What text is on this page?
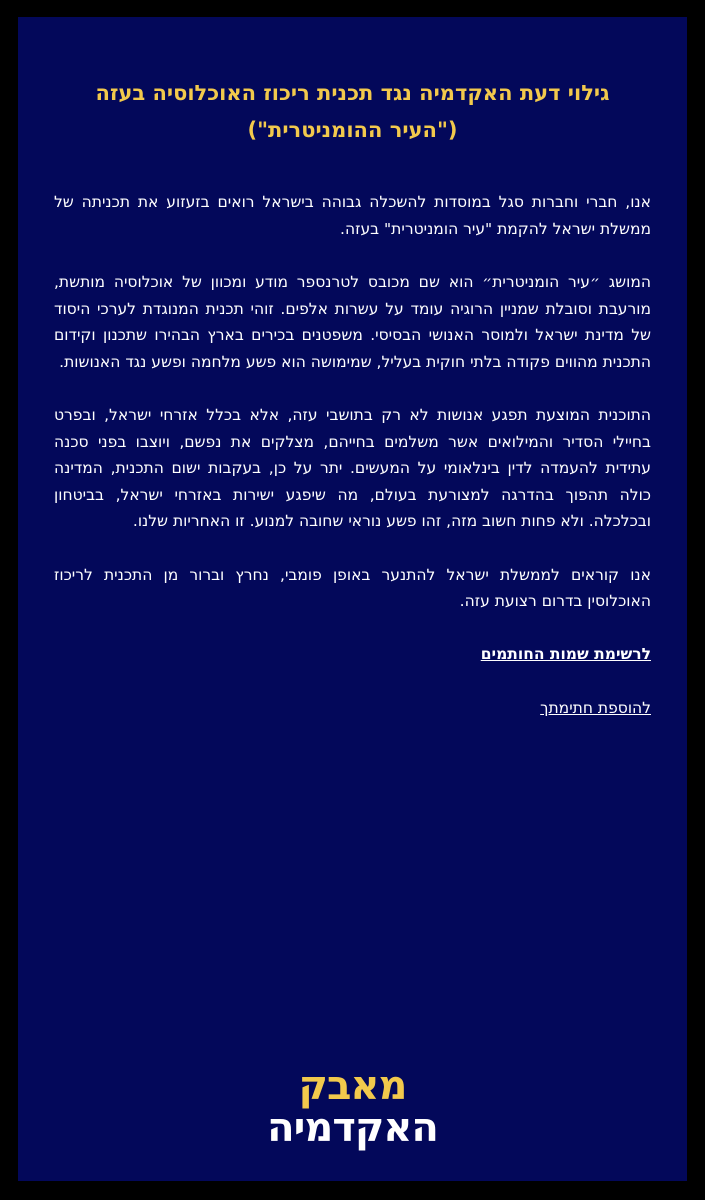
גילוי דעת האקדמיה נגד תכנית ריכוז האוכלוסיה בעזה
("העיר ההומניטרית")

אנו, חברי וחברות סגל במוסדות להשכלה גבוהה בישראל רואים בזעזוע את תכניתה של ממשלת ישראל להקמת "עיר הומניטרית" בעזה.

המושג ״עיר הומניטרית״ הוא שם מכובס לטרנספר מודע ומכוון של אוכלוסיה מותשת, מורעבת וסובלת שמניין הרוגיה עומד על עשרות אלפים. זוהי תכנית המנוגדת לערכי היסוד של מדינת ישראל ולמוסר האנושי הבסיסי. משפטנים בכירים בארץ הבהירו שתכנון וקידום התכנית מהווים פקודה בלתי חוקית בעליל, שמימושה הוא פשע מלחמה ופשע נגד האנושות.

התוכנית המוצעת תפגע אנושות לא רק בתושבי עזה, אלא בכלל אזרחי ישראל, ובפרט בחיילי הסדיר והמילואים אשר משלמים בחייהם, מצלקים את נפשם, ויוצבו בפני סכנה עתידית להעמדה לדין בינלאומי על המעשים. יתר על כן, בעקבות ישום התכנית, המדינה כולה תהפוך בהדרגה למצורעת בעולם, מה שיפגע ישירות באזרחי ישראל, בביטחון ובכלכלה. ולא פחות חשוב מזה, זהו פשע נוראי שחובה למנוע. זו האחריות שלנו.

אנו קוראים לממשלת ישראל להתנער באופן פומבי, נחרץ וברור מן התכנית לריכוז האוכלוסין בדרום רצועת עזה.

לרשימת שמות החותמים
להוספת חתימתך
מאבק
האקדמיה
